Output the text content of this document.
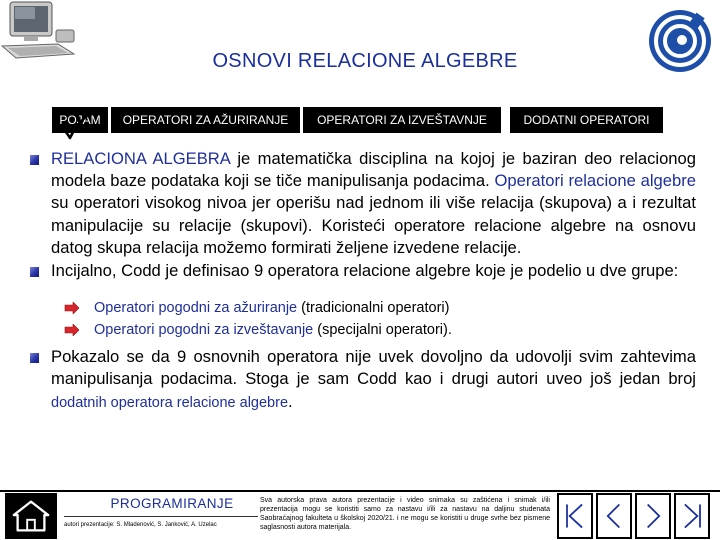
OSNOVI RELACIONE ALGEBRE
POJAM	OPERATORI ZA AŽURIRANJE	OPERATORI ZA IZVEŠTAVNJE	DODATNI OPERATORI
RELACIONA ALGEBRA je matematička disciplina na kojoj je baziran deo relacionog modela baze podataka koji se tiče manipulisanja podacima. Operatori relacione algebre su operatori visokog nivoa jer operišu nad jednom ili više relacija (skupova) a i rezultat manipulacije su relacije (skupovi). Koristeći operatore relacione algebre na osnovu datog skupa relacija možemo formirati željene izvedene relacije.
Incijalno, Codd je definisao 9 operatora relacione algebre koje je podelio u dve grupe:
Operatori pogodni za ažuriranje (tradicionalni operatori)
Operatori pogodni za izveštavanje (specijalni operatori).
Pokazalo se da 9 osnovnih operatora nije uvek dovoljno da udovolji svim zahtevima manipulisanja podacima. Stoga je sam Codd kao i drugi autori uveo još jedan broj dodatnih operatora relacione algebre.
PROGRAMIRANJE
autori prezentacije: S. Mladenović, S. Janković, A. Uzelac
Sva autorska prava autora prezentacije i video snimaka su zaštićena i snimak i/ili prezentacija mogu se koristiti samo za nastavu i/ili za nastavu na daljinu studenata Saobraćajnog fakulteta u školskoj 2020/21. i ne mogu se koristiti u druge svrhe bez pismene saglasnosti autora materijala.
